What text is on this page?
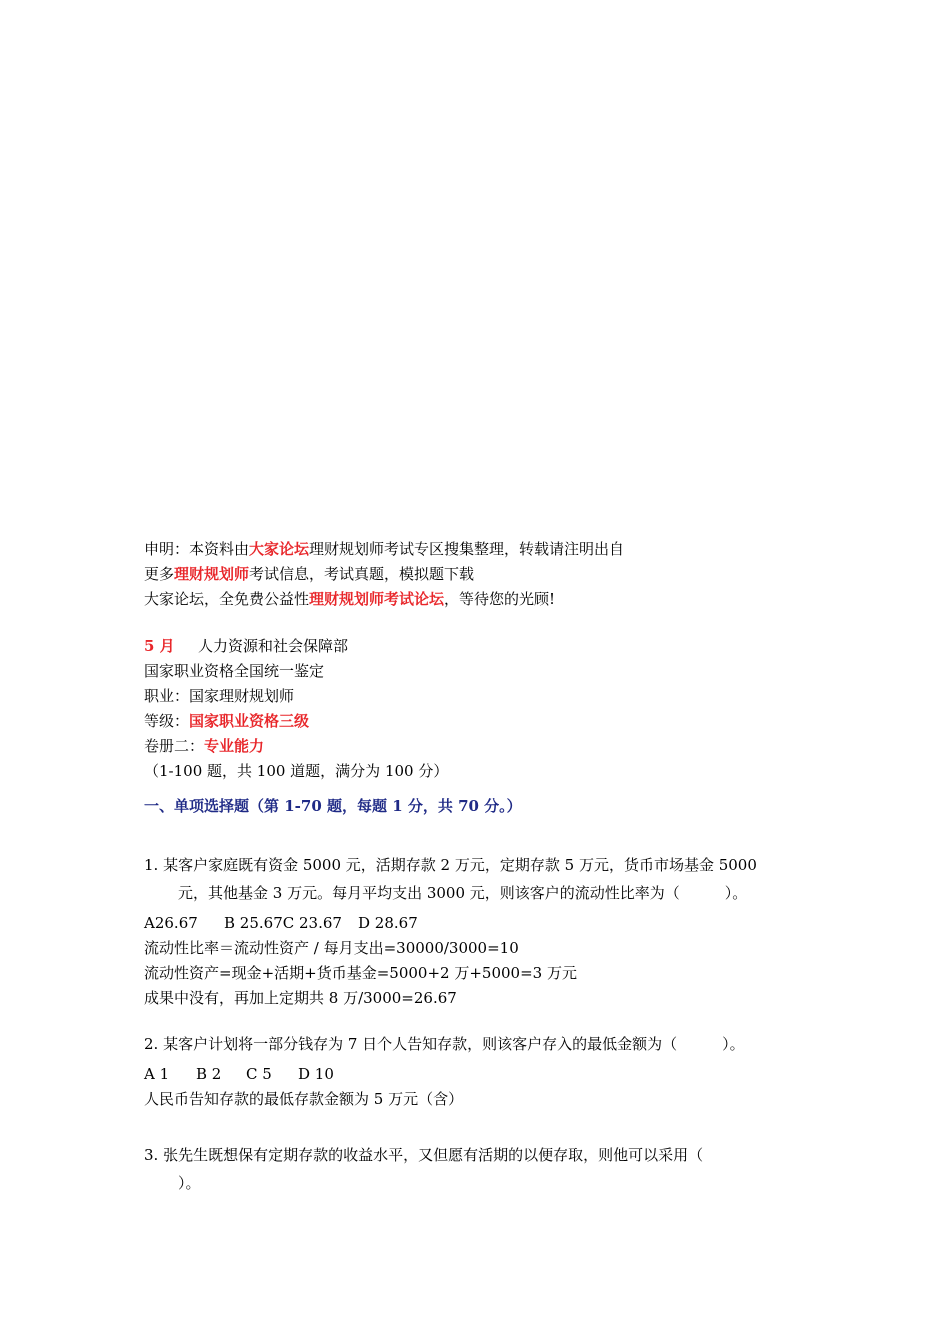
申明：本资料由大家论坛理财规划师考试专区搜集整理，转载请注明出自
更多理财规划师考试信息，考试真题，模拟题下载
大家论坛，全免费公益性理财规划师考试论坛，等待您的光顾!
5 月 人力资源和社会保障部
国家职业资格全国统一鉴定
职业：国家理财规划师
等级：国家职业资格三级
卷册二：专业能力
（1-100 题，共 100 道题，满分为 100 分）
一、单项选择题（第 1-70 题，每题 1 分，共 70 分。）
1. 某客户家庭既有资金 5000 元，活期存款 2 万元，定期存款 5 万元，货币市场基金 5000
元，其他基金 3 万元。每月平均支出 3000 元，则该客户的流动性比率为（　　　）。
A26.67 B 25.67C 23.67 D 28.67
流动性比率＝流动性资产 / 每月支出=30000/3000=10
流动性资产=现金+活期+货币基金=5000+2 万+5000=3 万元
成果中没有，再加上定期共 8 万/3000=26.67
2. 某客户计划将一部分钱存为 7 日个人告知存款，则该客户存入的最低金额为（　　　）。
A 1 B 2 C 5 D 10
人民币告知存款的最低存款金额为 5 万元（含）
3. 张先生既想保有定期存款的收益水平，又但愿有活期的以便存取，则他可以采用（
）。
